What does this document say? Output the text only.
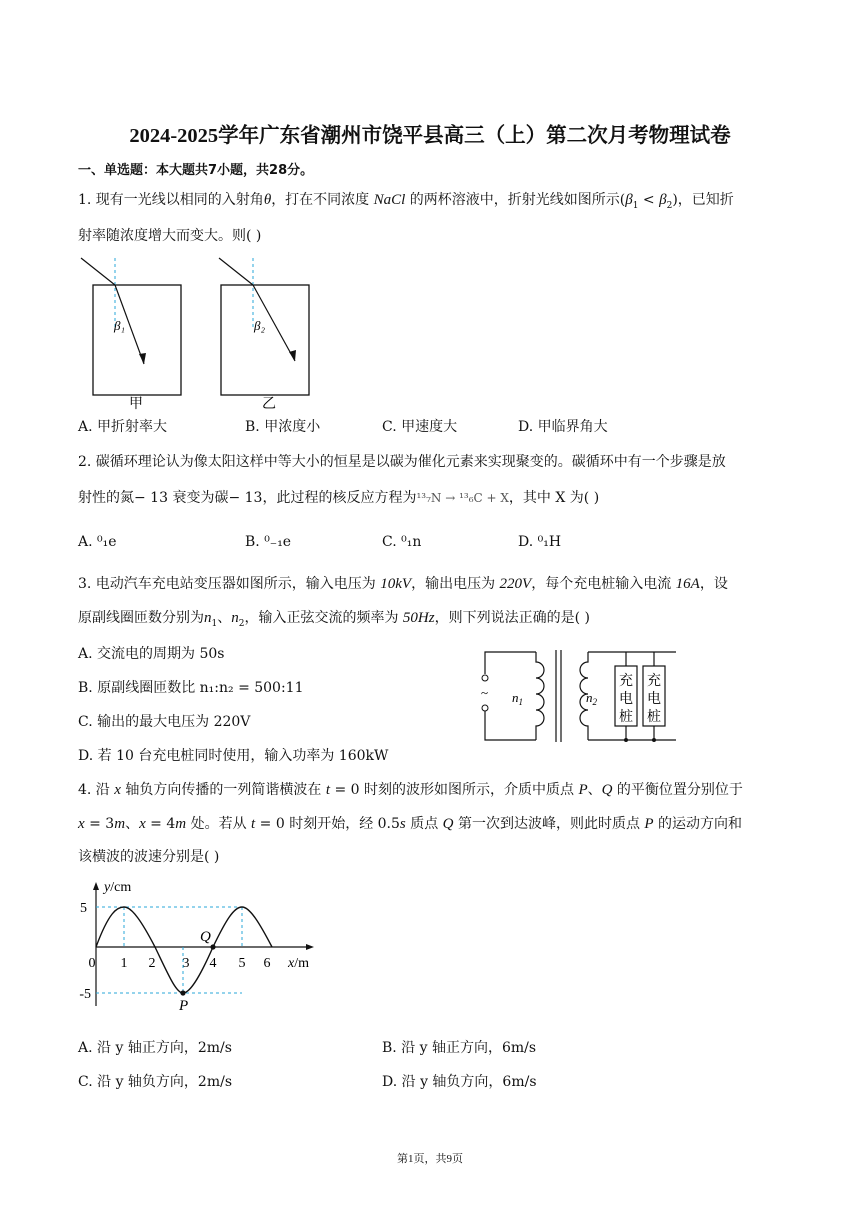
2024-2025学年广东省潮州市饶平县高三（上）第二次月考物理试卷
一、单选题：本大题共7小题，共28分。
1. 现有一光线以相同的入射角θ，打在不同浓度 NaCl 的两杯溶液中，折射光线如图所示$(\beta_1 < \beta_2)$，已知折
射率随浓度增大而变大。则( )
β₁
甲
β₂
乙
A. 甲折射率大	B. 甲浓度小	C. 甲速度大	D. 甲临界角大
2. 碳循环理论认为像太阳这样中等大小的恒星是以碳为催化元素来实现聚变的。碳循环中有一个步骤是放
射性的氮− 13 衰变为碳− 13，此过程的核反应方程为¹³₇N → ¹³₆C + X，其中 X 为( )
A. ⁰₁e	B. ⁰₋₁e	C. ⁰₁n	D. ⁰₁H
3. 电动汽车充电站变压器如图所示，输入电压为 10kV，输出电压为 220V，每个充电桩输入电流 16A，设
原副线圈匝数分别为$n_1$、$n_2$，输入正弦交流的频率为 50Hz，则下列说法正确的是( )
A. 交流电的周期为 50s
B. 原副线圈匝数比 n₁:n₂ = 500:11
C. 输出的最大电压为 220V
D. 若 10 台充电桩同时使用，输入功率为 160kW
~ $n_1$	$n_2$
充电桩
充电桩
4. 沿 x 轴负方向传播的一列简谐横波在 t = 0 时刻的波形如图所示，介质中质点 P、Q 的平衡位置分别位于
x = 3m、x = 4m 处。若从 t = 0 时刻开始，经 0.5s 质点 Q 第一次到达波峰，则此时质点 P 的运动方向和
该横波的波速分别是( )
y/cm
x/m
5
-5
0 1 2 3 4 5 6
P
Q
A. 沿 y 轴正方向，2m/s	B. 沿 y 轴正方向，6m/s
C. 沿 y 轴负方向，2m/s	D. 沿 y 轴负方向，6m/s
第1页，共9页
